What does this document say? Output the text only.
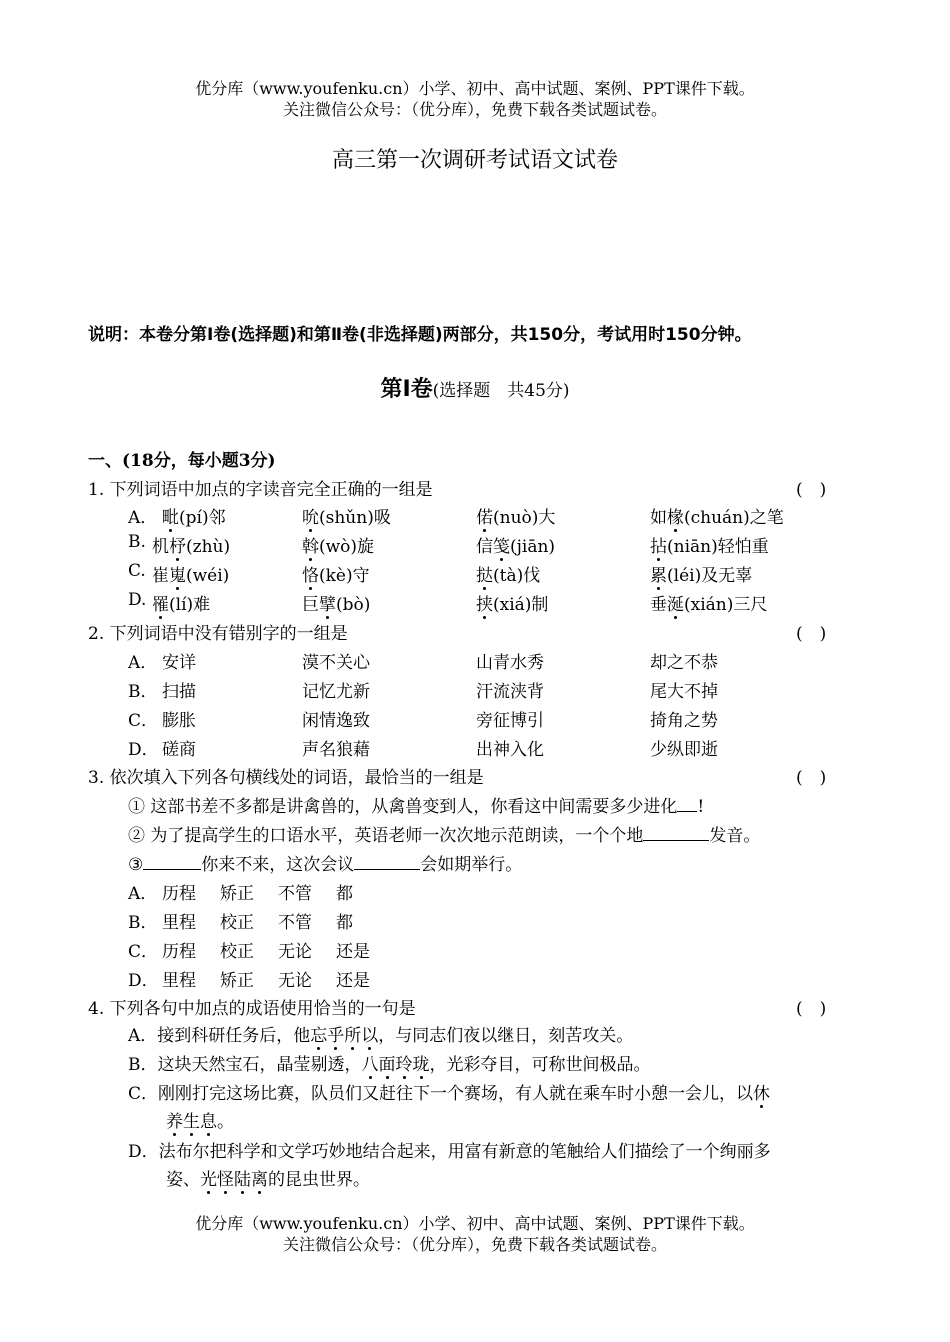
优分库（www.youfenku.cn）小学、初中、高中试题、案例、PPT课件下载。
关注微信公众号：（优分库），免费下载各类试题试卷。
高三第一次调研考试语文试卷
说明：本卷分第Ⅰ卷(选择题)和第Ⅱ卷(非选择题)两部分，共150分，考试用时150分钟。
第Ⅰ卷(选择题　共45分)
一、(18分，每小题3分)
1. 下列词语中加点的字读音完全正确的一组是	(　)
A． 毗(pí)邻	吮(shǔn)吸	偌(nuò)大	如椽(chuán)之笔
B. 机杼(zhù)	斡(wò)旋	信笺(jiān)	拈(niān)轻怕重
C. 崔嵬(wéi)	恪(kè)守	挞(tà)伐	累(léi)及无辜
D. 罹(lí)难	巨擘(bò)	挟(xiá)制	垂涎(xián)三尺
2. 下列词语中没有错别字的一组是	(　)
A． 安详	漠不关心	山青水秀	却之不恭
B． 扫描	记忆尤新	汗流浃背	尾大不掉
C． 膨胀	闲情逸致	旁征博引	掎角之势
D． 磋商	声名狼藉	出神入化	少纵即逝
3. 依次填入下列各句横线处的词语，最恰当的一组是	(　)
① 这部书差不多都是讲禽兽的，从禽兽变到人，你看这中间需要多少进化 !
② 为了提高学生的口语水平，英语老师一次次地示范朗读，一个个地	发音。
③	你来不来，这次会议	会如期举行。
A． 历程 矫正 不管 都
B． 里程 校正 不管 都
C． 历程 校正 无论 还是
D． 里程 矫正 无论 还是
4. 下列各句中加点的成语使用恰当的一句是	(　)
A．接到科研任务后，他忘乎所以，与同志们夜以继日，刻苦攻关。
B．这块天然宝石，晶莹剔透，八面玲珑，光彩夺目，可称世间极品。
C．刚刚打完这场比赛，队员们又赶往下一个赛场，有人就在乘车时小憩一会儿，以休
养生息。
D．法布尔把科学和文学巧妙地结合起来，用富有新意的笔触给人们描绘了一个绚丽多
姿、光怪陆离的昆虫世界。
优分库（www.youfenku.cn）小学、初中、高中试题、案例、PPT课件下载。
关注微信公众号：（优分库），免费下载各类试题试卷。
